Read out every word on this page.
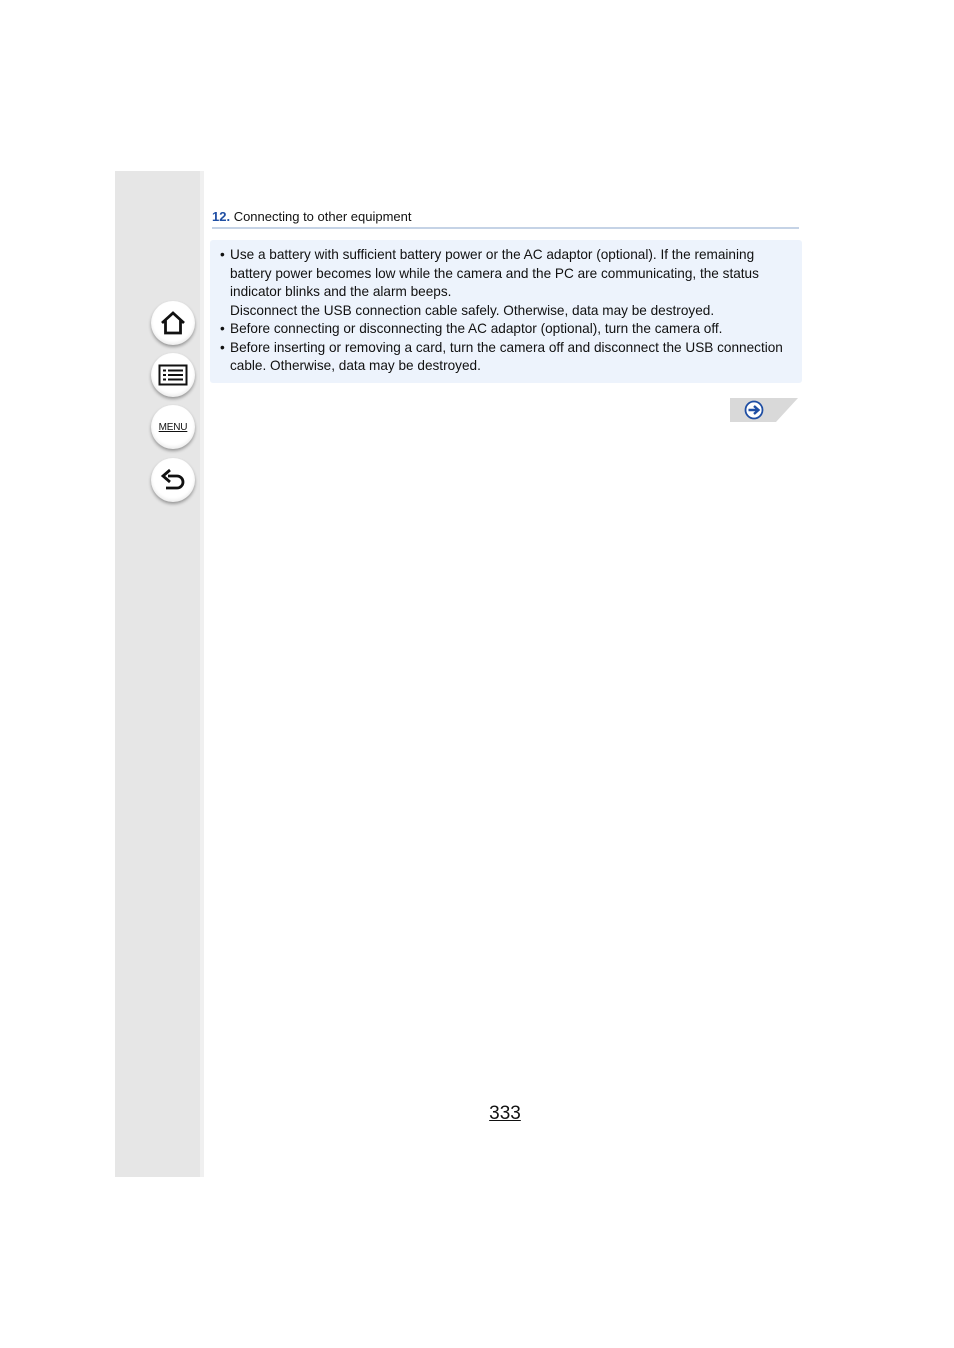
MENU
12. Connecting to other equipment
• Use a battery with sufficient battery power or the AC adaptor (optional). If the remaining battery power becomes low while the camera and the PC are communicating, the status indicator blinks and the alarm beeps.

Disconnect the USB connection cable safely. Otherwise, data may be destroyed.

• Before connecting or disconnecting the AC adaptor (optional), turn the camera off.

• Before inserting or removing a card, turn the camera off and disconnect the USB connection cable. Otherwise, data may be destroyed.

333
